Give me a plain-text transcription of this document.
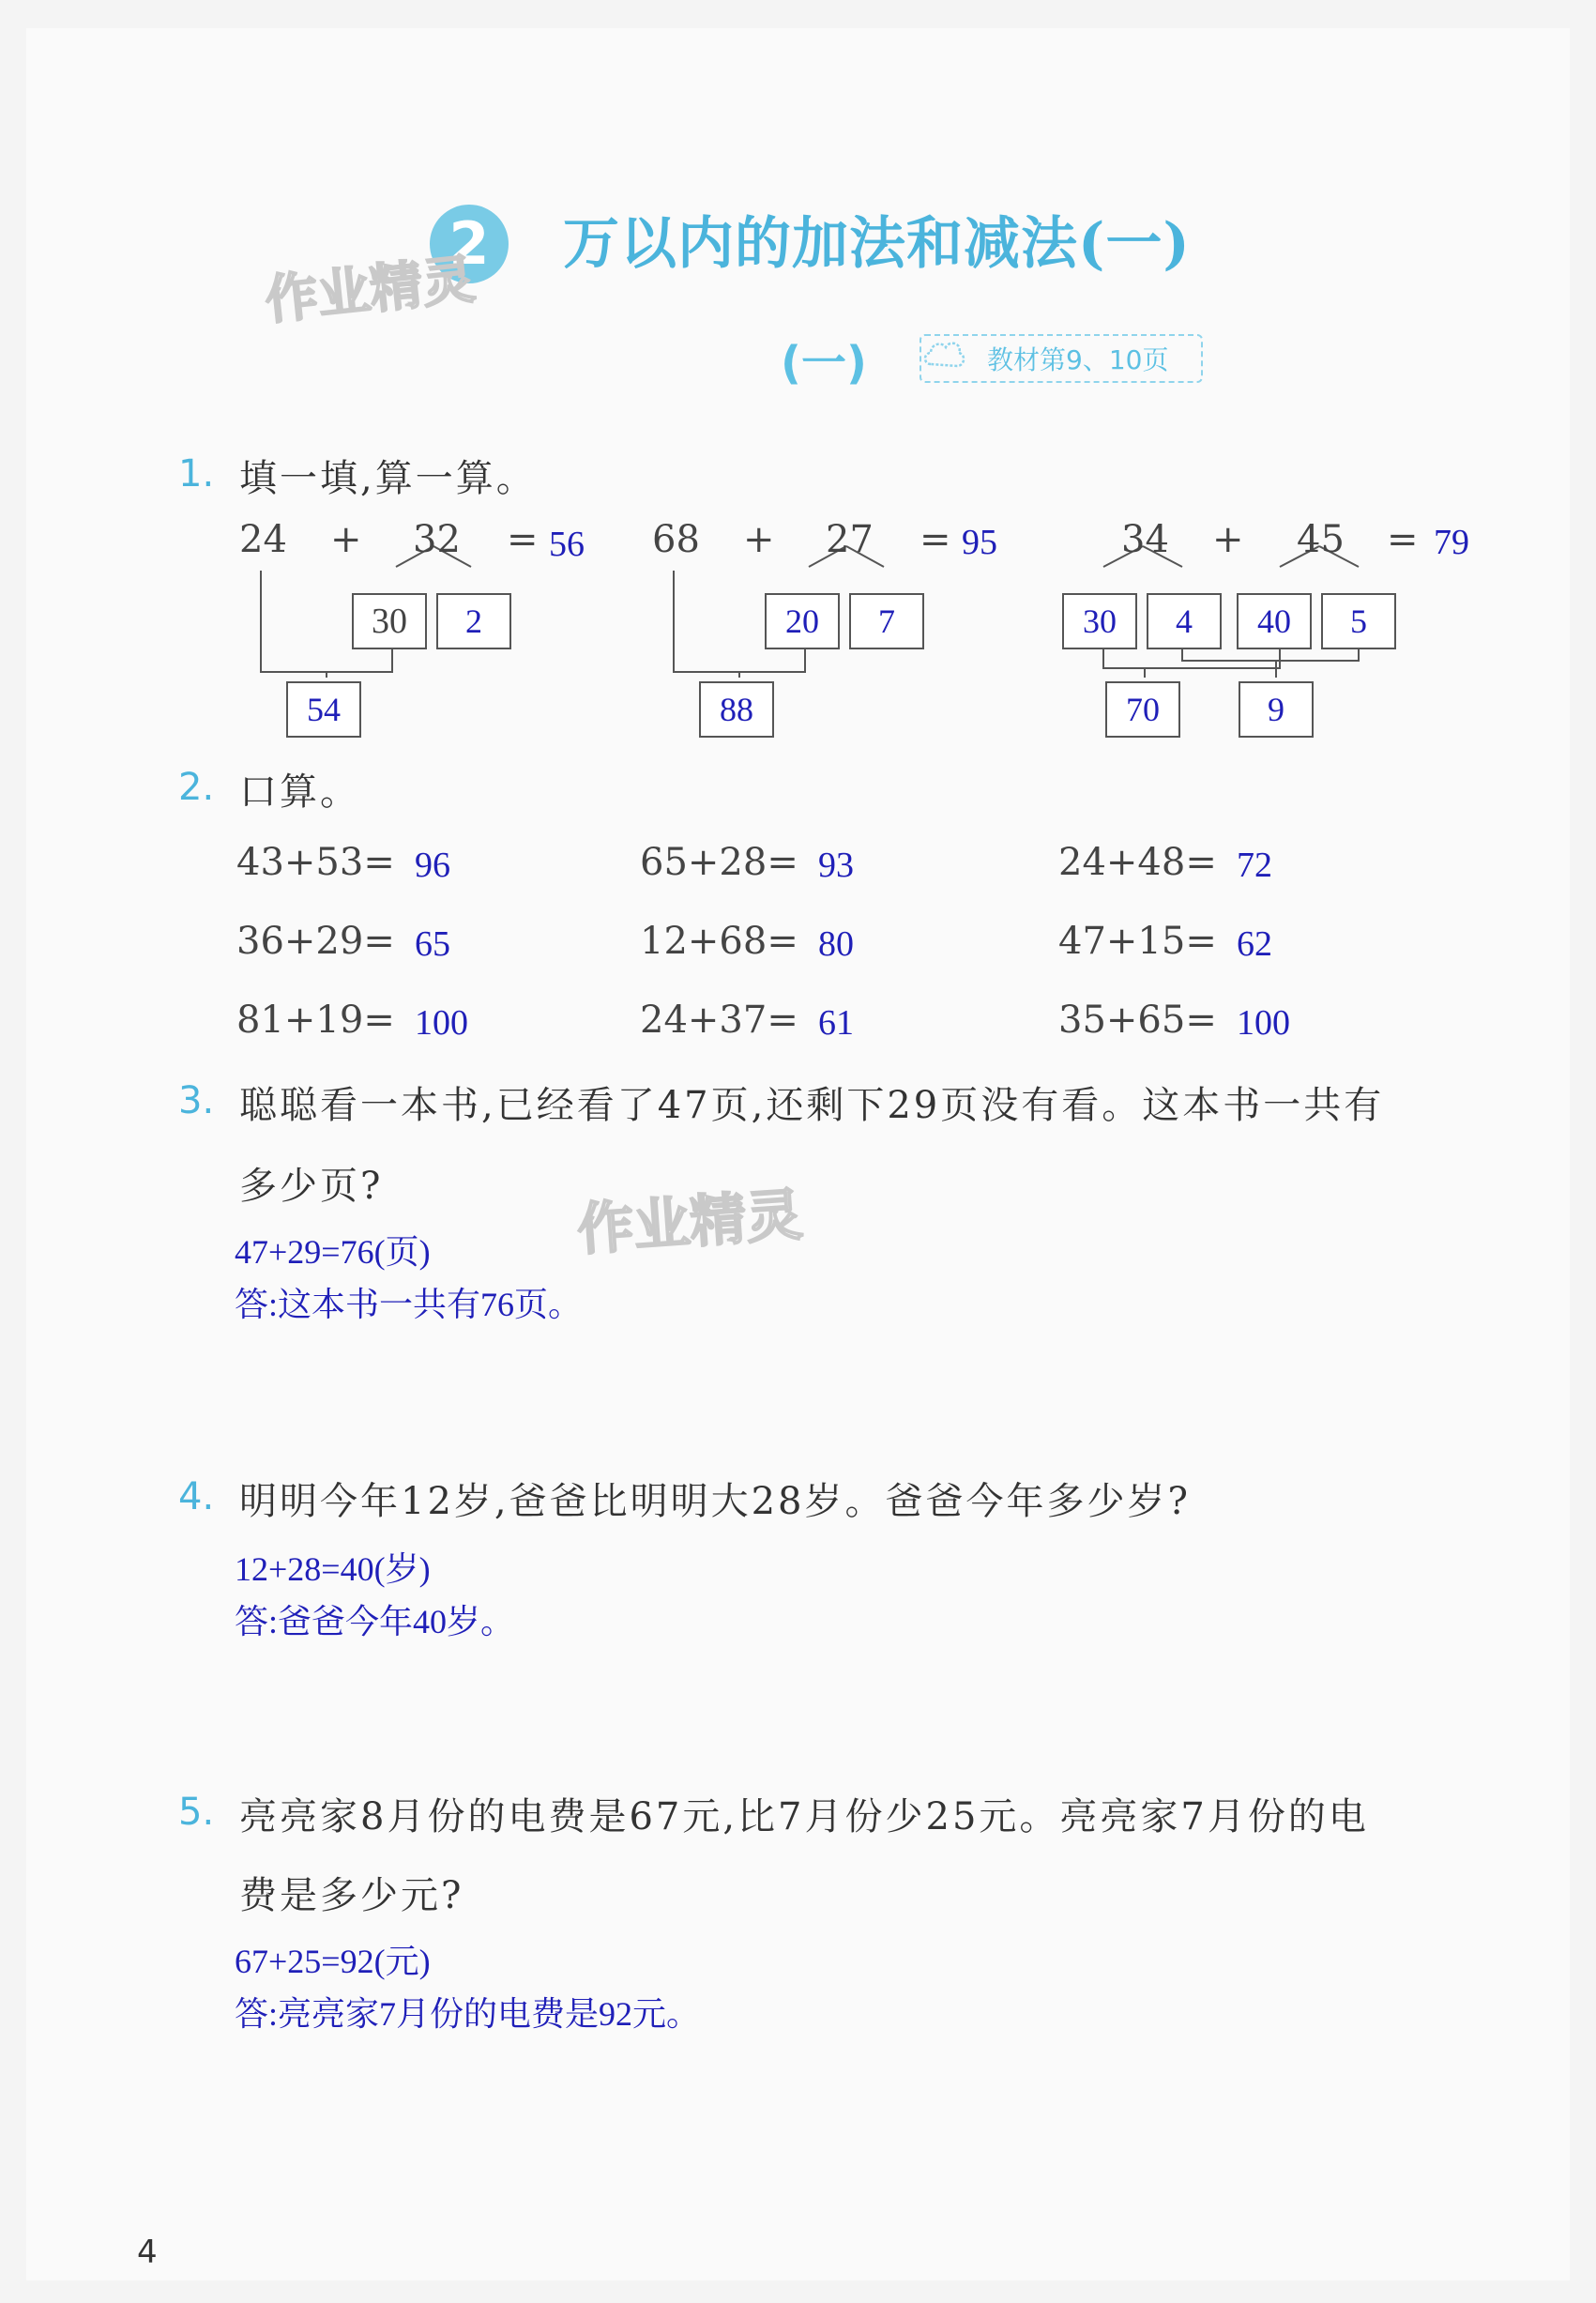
2	万以内的加法和减法(一)
作业精灵
(一)	教材第9、10页
1. 填一填,算一算。
24 + 32 = 56
30	2
54
68 + 27 = 95
20	7
88
34 + 45 = 79
30	4	40	5
70	9
2. 口算。
43+53= 96	65+28= 93	24+48= 72
36+29= 65	12+68= 80	47+15= 62
81+19= 100	24+37= 61	35+65= 100
3. 聪聪看一本书,已经看了47页,还剩下29页没有看。这本书一共有
多少页?	作业精灵
47+29=76(页)
答:这本书一共有76页。
4. 明明今年12岁,爸爸比明明大28岁。爸爸今年多少岁?
12+28=40(岁)
答:爸爸今年40岁。
5. 亮亮家8月份的电费是67元,比7月份少25元。亮亮家7月份的电
费是多少元?
67+25=92(元)
答:亮亮家7月份的电费是92元。
4
